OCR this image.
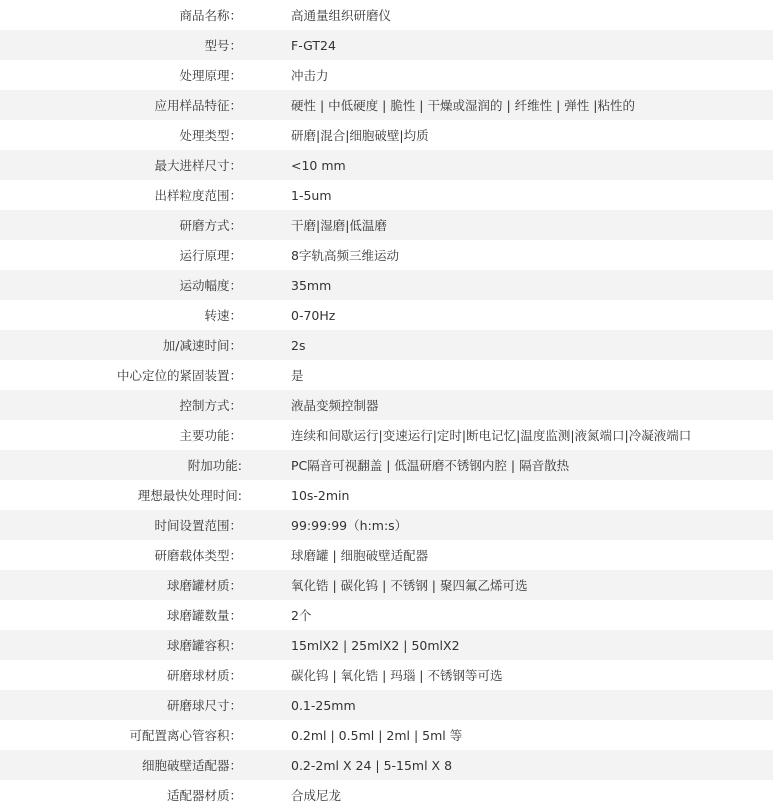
商品名称：	高通量组织研磨仪
型号：	F-GT24
处理原理：	冲击力
应用样品特征：	硬性 | 中低硬度 | 脆性 | 干燥或湿润的 | 纤维性 | 弹性 |粘性的
处理类型：	研磨|混合|细胞破壁|均质
最大进样尺寸：	<10 mm
出样粒度范围：	1-5um
研磨方式：	干磨|湿磨|低温磨
运行原理：	8字轨高频三维运动
运动幅度：	35mm
转速：	0-70Hz
加/减速时间：	2s
中心定位的紧固装置：	是
控制方式：	液晶变频控制器
主要功能：	连续和间歇运行|变速运行|定时|断电记忆|温度监测|液氮端口|冷凝液端口
附加功能:	PC隔音可视翻盖 | 低温研磨不锈钢内腔 | 隔音散热
理想最快处理时间:	10s-2min
时间设置范围：	99:99:99（h:m:s）
研磨载体类型：	球磨罐 | 细胞破壁适配器
球磨罐材质：	氧化锆 | 碳化钨 | 不锈钢 | 聚四氟乙烯可选
球磨罐数量：	2个
球磨罐容积：	15mlX2 | 25mlX2 | 50mlX2
研磨球材质：	碳化钨 | 氧化锆 | 玛瑙 | 不锈钢等可选
研磨球尺寸：	0.1-25mm
可配置离心管容积：	0.2ml | 0.5ml | 2ml | 5ml 等
细胞破壁适配器：	0.2-2ml X 24 | 5-15ml X 8
适配器材质：	合成尼龙
